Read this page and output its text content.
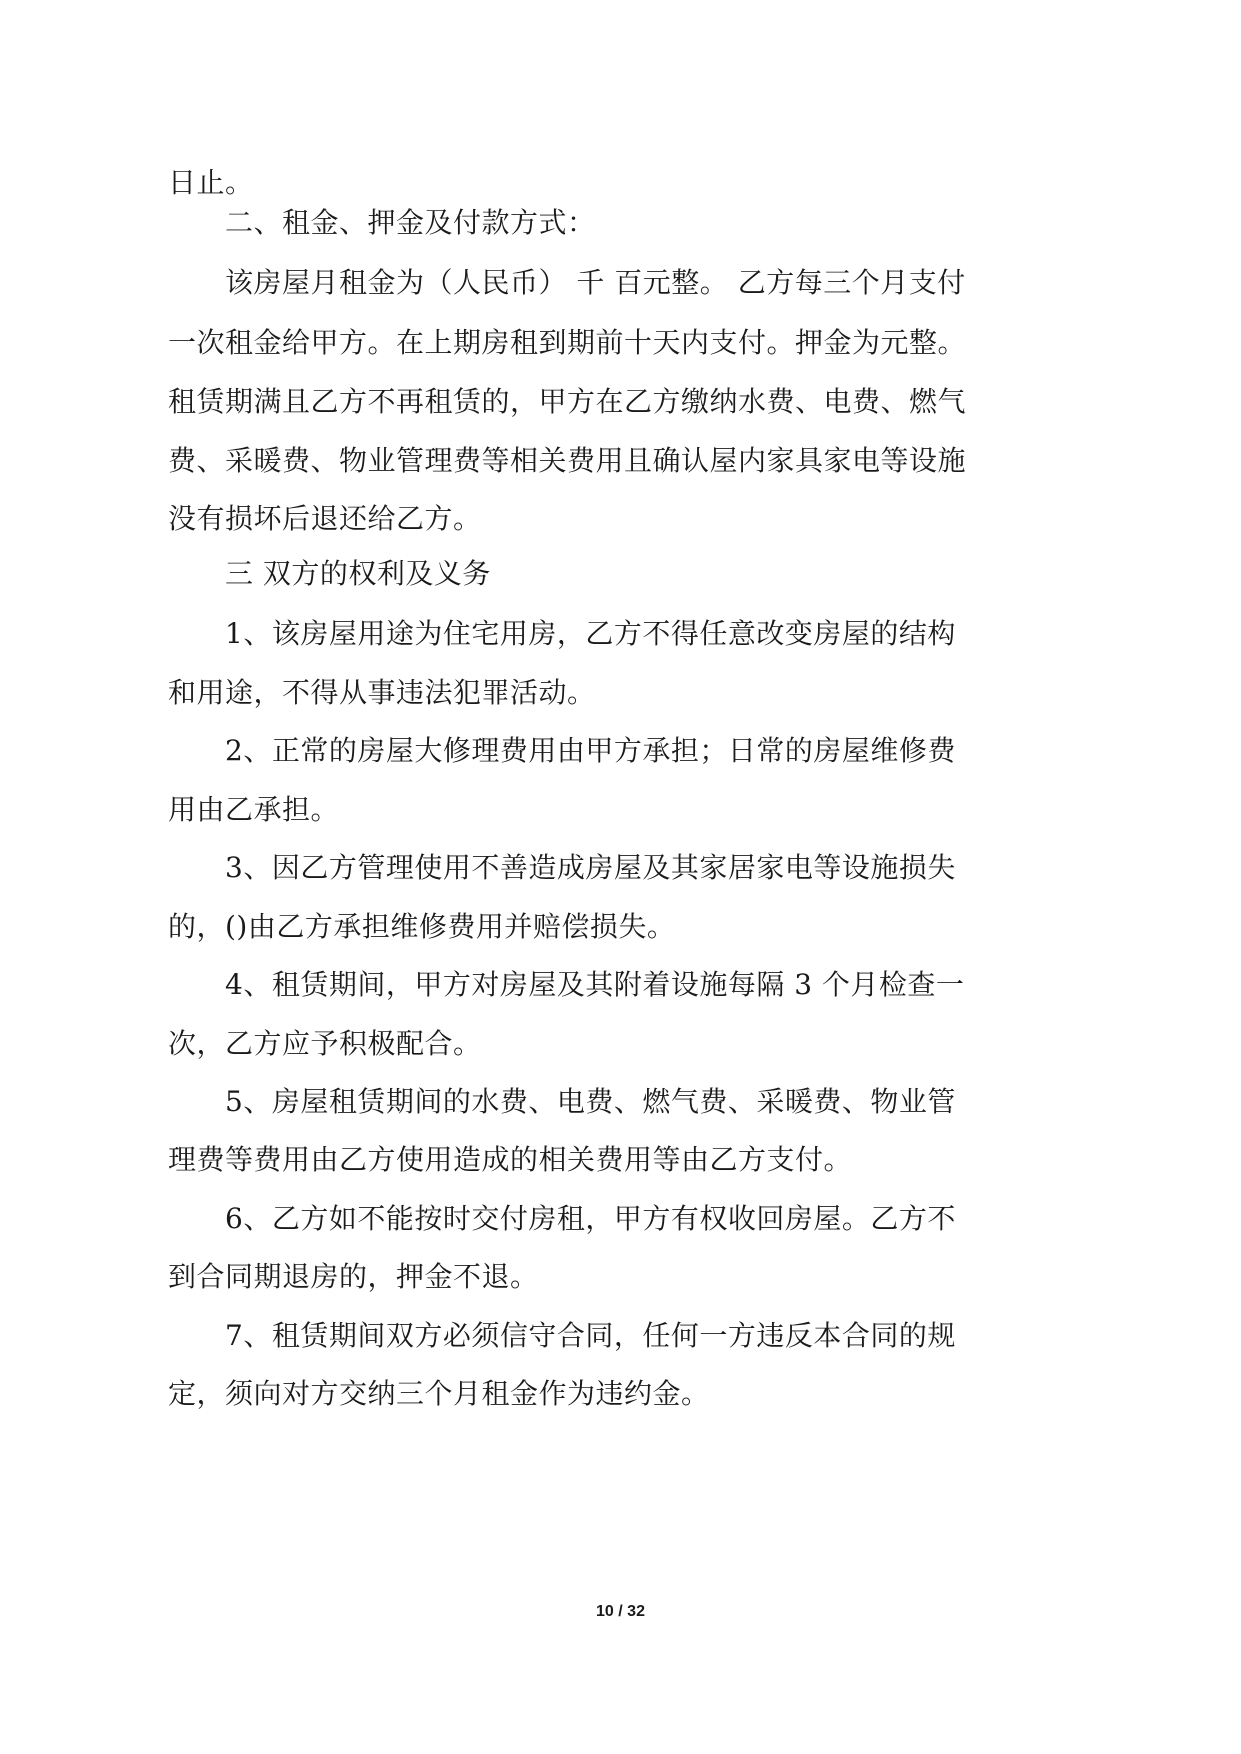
日止。
二、租金、押金及付款方式：
该房屋月租金为（人民币） 千 百元整。 乙方每三个月支付
一次租金给甲方。在上期房租到期前十天内支付。押金为元整。
租赁期满且乙方不再租赁的，甲方在乙方缴纳水费、电费、燃气
费、采暖费、物业管理费等相关费用且确认屋内家具家电等设施
没有损坏后退还给乙方。
三 双方的权利及义务
1、该房屋用途为住宅用房，乙方不得任意改变房屋的结构
和用途，不得从事违法犯罪活动。
2、正常的房屋大修理费用由甲方承担；日常的房屋维修费
用由乙承担。
3、因乙方管理使用不善造成房屋及其家居家电等设施损失
的，()由乙方承担维修费用并赔偿损失。
4、租赁期间，甲方对房屋及其附着设施每隔 3 个月检查一
次，乙方应予积极配合。
5、房屋租赁期间的水费、电费、燃气费、采暖费、物业管
理费等费用由乙方使用造成的相关费用等由乙方支付。
6、乙方如不能按时交付房租，甲方有权收回房屋。乙方不
到合同期退房的，押金不退。
7、租赁期间双方必须信守合同，任何一方违反本合同的规
定，须向对方交纳三个月租金作为违约金。
10 / 32
